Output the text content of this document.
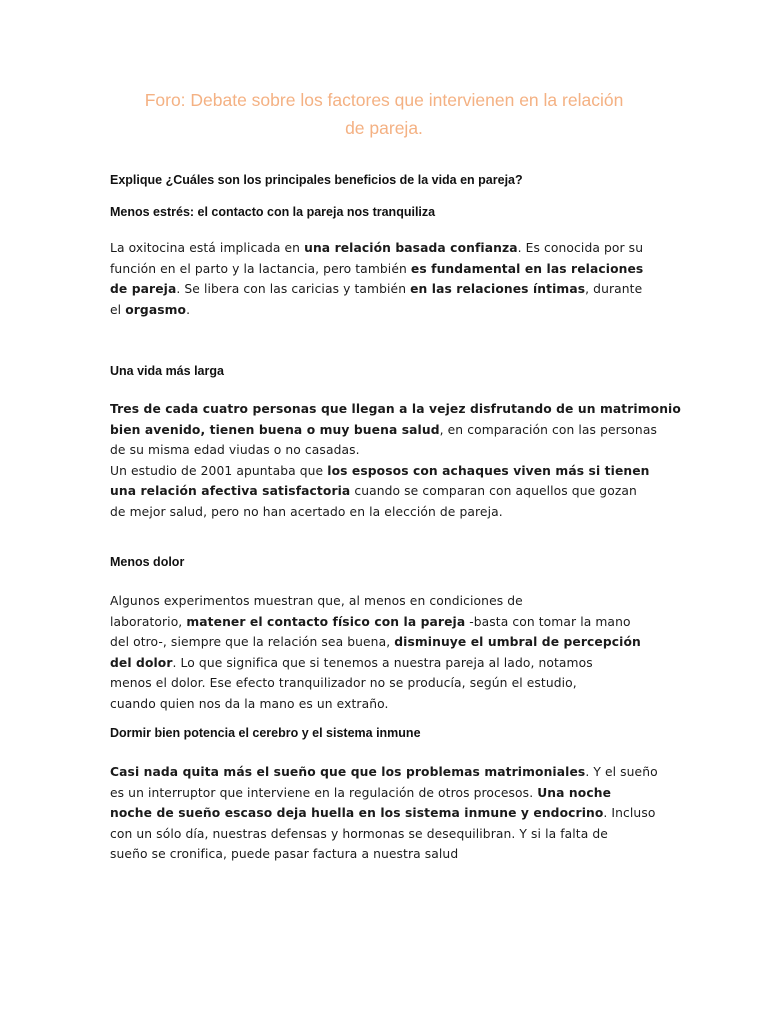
Foro: Debate sobre los factores que intervienen en la relación
de pareja.
Explique ¿Cuáles son los principales beneficios de la vida en pareja?
Menos estrés: el contacto con la pareja nos tranquiliza
La oxitocina está implicada en una relación basada confianza. Es conocida por su
función en el parto y la lactancia, pero también es fundamental en las relaciones
de pareja. Se libera con las caricias y también en las relaciones íntimas, durante
el orgasmo.
Una vida más larga
Tres de cada cuatro personas que llegan a la vejez disfrutando de un matrimonio
bien avenido, tienen buena o muy buena salud, en comparación con las personas
de su misma edad viudas o no casadas.
Un estudio de 2001 apuntaba que los esposos con achaques viven más si tienen
una relación afectiva satisfactoria cuando se comparan con aquellos que gozan
de mejor salud, pero no han acertado en la elección de pareja.
Menos dolor
Algunos experimentos muestran que, al menos en condiciones de
laboratorio, matener el contacto físico con la pareja -basta con tomar la mano
del otro-, siempre que la relación sea buena, disminuye el umbral de percepción
del dolor. Lo que significa que si tenemos a nuestra pareja al lado, notamos
menos el dolor. Ese efecto tranquilizador no se producía, según el estudio,
cuando quien nos da la mano es un extraño.
Dormir bien potencia el cerebro y el sistema inmune
Casi nada quita más el sueño que que los problemas matrimoniales. Y el sueño
es un interruptor que interviene en la regulación de otros procesos. Una noche
noche de sueño escaso deja huella en los sistema inmune y endocrino. Incluso
con un sólo día, nuestras defensas y hormonas se desequilibran. Y si la falta de
sueño se cronifica, puede pasar factura a nuestra salud
